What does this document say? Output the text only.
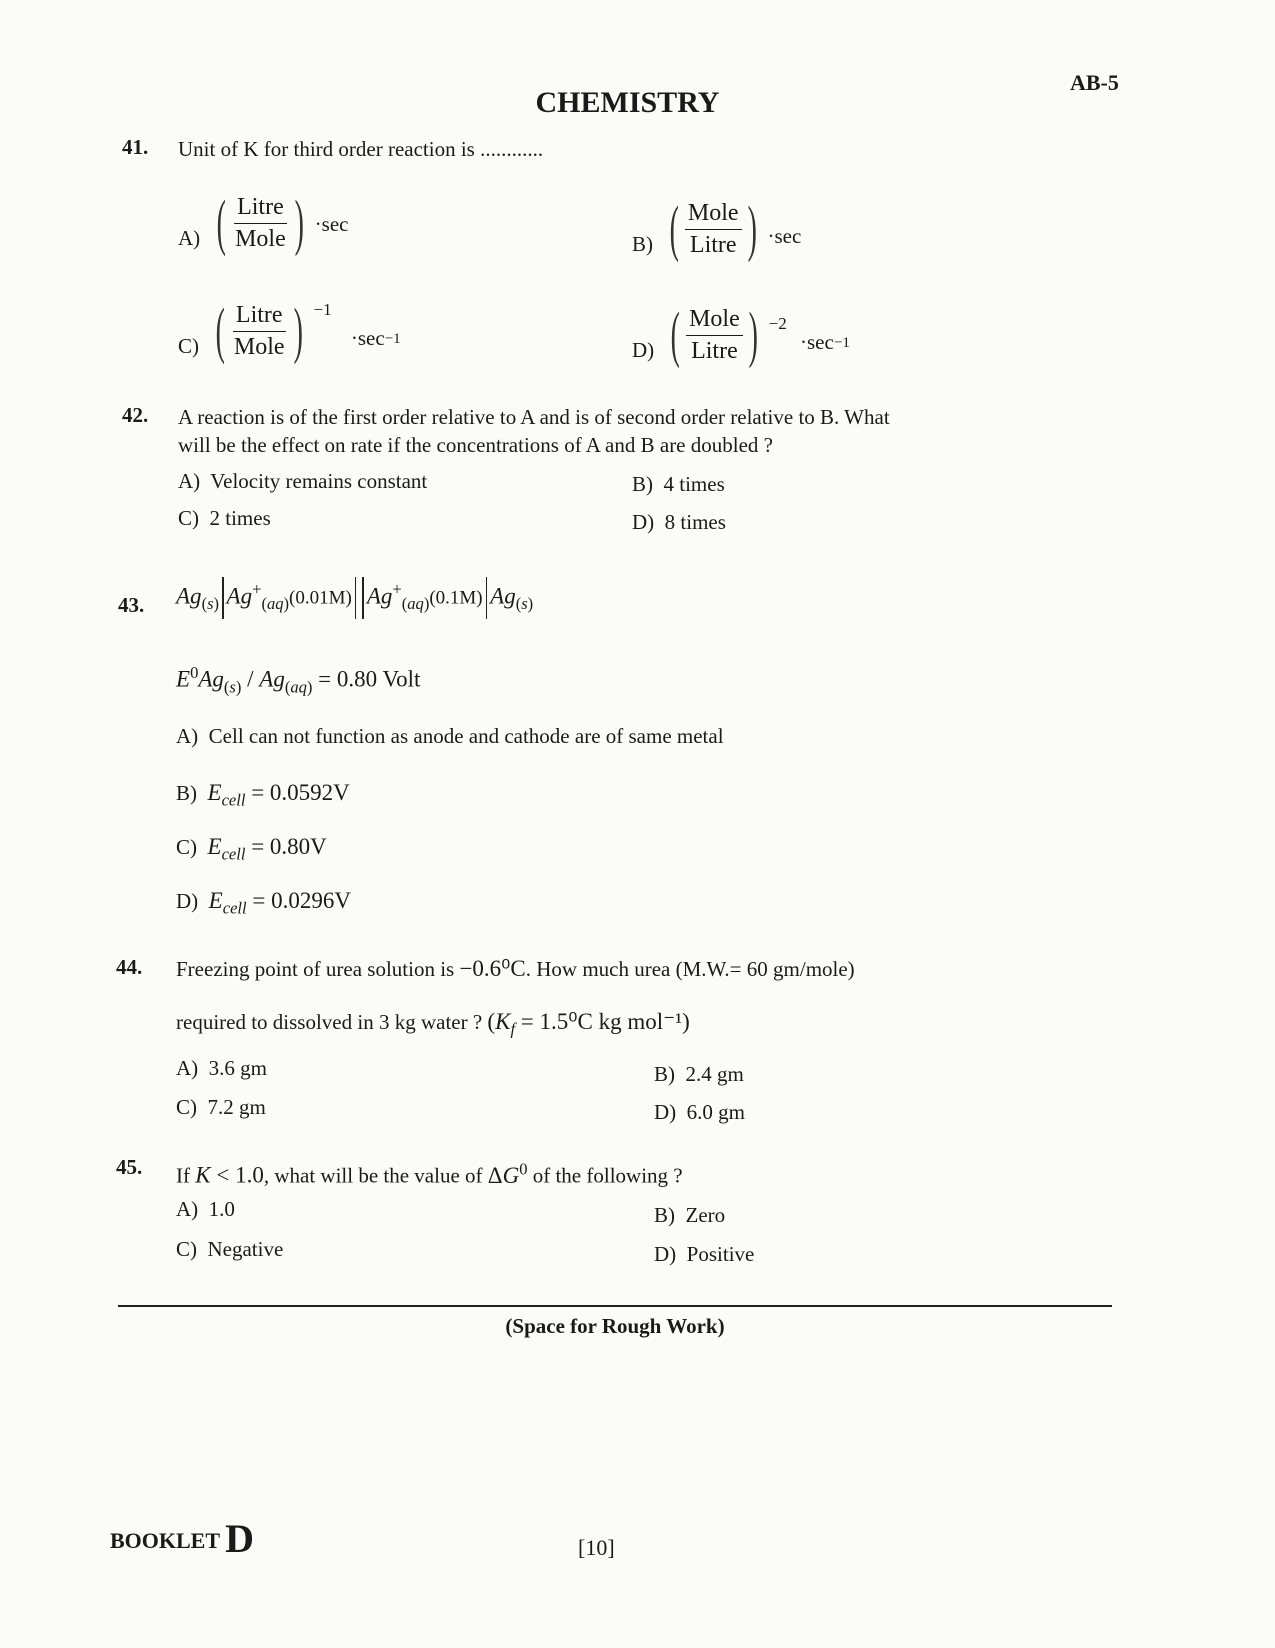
AB-5
CHEMISTRY
41. Unit of K for third order reaction is ............
A) ( $\frac{\text{Litre}}{\text{Mole}}$ ) ·sec
B) ( $\frac{\text{Mole}}{\text{Litre}}$ ) ·sec
C) ( $\frac{\text{Litre}}{\text{Mole}}$ ) $^{-1} \cdot\sec^{-1}$	D) ( $\frac{\text{Mole}}{\text{Litre}}$ ) $^{-2} \cdot\sec^{-1}$
42. A reaction is of the first order relative to A and is of second order relative to B. What
will be the effect on rate if the concentrations of A and B are doubled ?
A) Velocity remains constant	B) 4 times
C) 2 times	D) 8 times
43. $Ag_{(s)}$ $Ag^+_{(aq)}(0.01M)$ $Ag^+_{(aq)}(0.1M)$ $Ag_{(s)}$
$E^0Ag_{(s)} / Ag_{(aq)} = 0.80$ Volt
A) Cell can not function as anode and cathode are of same metal
B) $E_{cell} = 0.0592V$
C) $E_{cell} = 0.80V$
D) $E_{cell} = 0.0296V$
44. Freezing point of urea solution is −0.6⁰C. How much urea (M.W.= 60 gm/mole)
required to dissolved in 3 kg water ? ($K_f = 1.5^0C$ kg mol⁻¹)
A) 3.6 gm	B) 2.4 gm
C) 7.2 gm	D) 6.0 gm
45. If K < 1.0, what will be the value of $\Delta G^0$ of the following ?
A) 1.0	B) Zero
C) Negative	D) Positive
(Space for Rough Work)
BOOKLET D	[10]
